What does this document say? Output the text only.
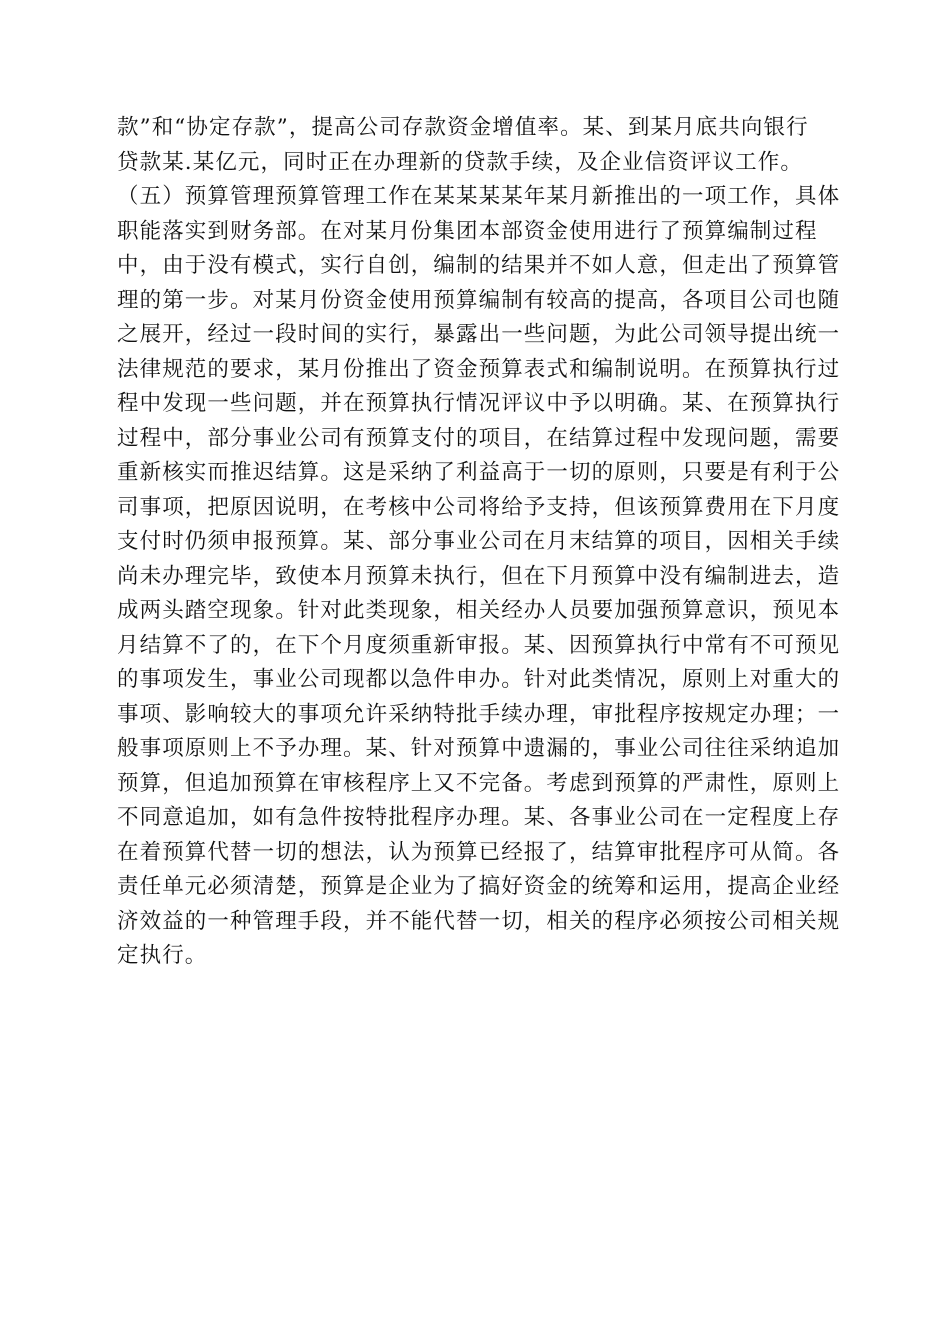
款”和“协定存款”，提高公司存款资金增值率。某、到某月底共向银行
贷款某.某亿元，同时正在办理新的贷款手续，及企业信资评议工作。
（五）预算管理预算管理工作在某某某某年某月新推出的一项工作，具体
职能落实到财务部。在对某月份集团本部资金使用进行了预算编制过程
中，由于没有模式，实行自创，编制的结果并不如人意，但走出了预算管
理的第一步。对某月份资金使用预算编制有较高的提高，各项目公司也随
之展开，经过一段时间的实行，暴露出一些问题，为此公司领导提出统一
法律规范的要求，某月份推出了资金预算表式和编制说明。在预算执行过
程中发现一些问题，并在预算执行情况评议中予以明确。某、在预算执行
过程中，部分事业公司有预算支付的项目，在结算过程中发现问题，需要
重新核实而推迟结算。这是采纳了利益高于一切的原则，只要是有利于公
司事项，把原因说明，在考核中公司将给予支持，但该预算费用在下月度
支付时仍须申报预算。某、部分事业公司在月末结算的项目，因相关手续
尚未办理完毕，致使本月预算未执行，但在下月预算中没有编制进去，造
成两头踏空现象。针对此类现象，相关经办人员要加强预算意识，预见本
月结算不了的，在下个月度须重新审报。某、因预算执行中常有不可预见
的事项发生，事业公司现都以急件申办。针对此类情况，原则上对重大的
事项、影响较大的事项允许采纳特批手续办理，审批程序按规定办理；一
般事项原则上不予办理。某、针对预算中遗漏的，事业公司往往采纳追加
预算，但追加预算在审核程序上又不完备。考虑到预算的严肃性，原则上
不同意追加，如有急件按特批程序办理。某、各事业公司在一定程度上存
在着预算代替一切的想法，认为预算已经报了，结算审批程序可从简。各
责任单元必须清楚，预算是企业为了搞好资金的统筹和运用，提高企业经
济效益的一种管理手段，并不能代替一切，相关的程序必须按公司相关规
定执行。
